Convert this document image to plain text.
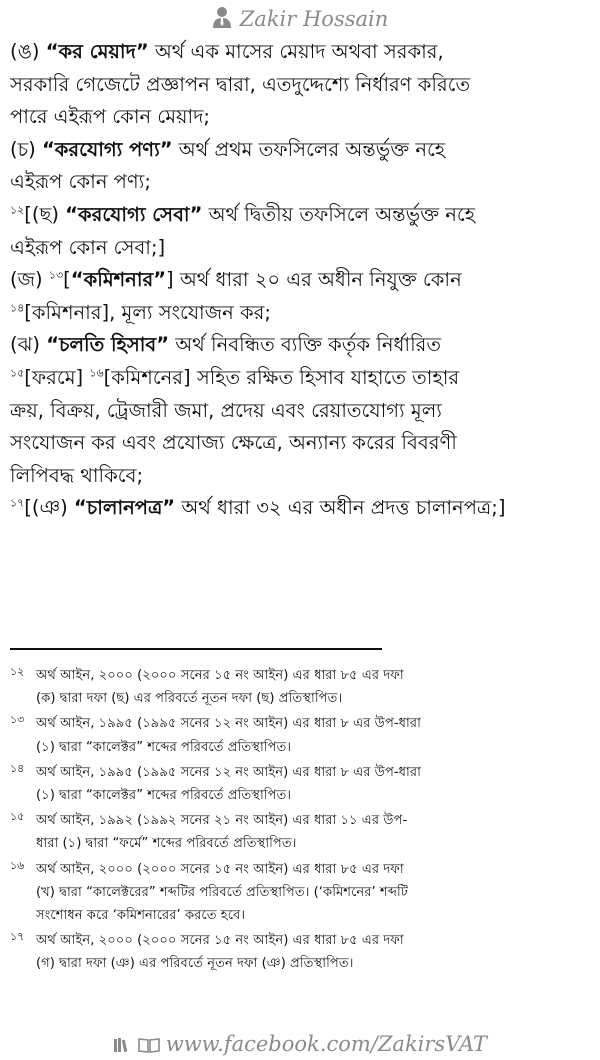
Zakir Hossain
(ঙ) “কর মেয়াদ” অর্থ এক মাসের মেয়াদ অথবা সরকার,
সরকারি গেজেটে প্রজ্ঞাপন দ্বারা, এতদুদ্দেশ্যে নির্ধারণ করিতে
পারে এইরূপ কোন মেয়াদ;
(চ) “করযোগ্য পণ্য” অর্থ প্রথম তফসিলের অন্তর্ভুক্ত নহে
এইরূপ কোন পণ্য;
$^{১২}$[(ছ) “করযোগ্য সেবা” অর্থ দ্বিতীয় তফসিলে অন্তর্ভুক্ত নহে
এইরূপ কোন সেবা;]
(জ) $^{১৩}$[“কমিশনার”] অর্থ ধারা ২০ এর অধীন নিযুক্ত কোন
$^{১৪}$[কমিশনার], মূল্য সংযোজন কর;
(ঝ) “চলতি হিসাব” অর্থ নিবন্ধিত ব্যক্তি কর্তৃক নির্ধারিত
$^{১৫}$[ফরমে] $^{১৬}$[কমিশনের] সহিত রক্ষিত হিসাব যাহাতে তাহার
ক্রয়, বিক্রয়, ট্রেজারী জমা, প্রদেয় এবং রেয়াতযোগ্য মূল্য
সংযোজন কর এবং প্রযোজ্য ক্ষেত্রে, অন্যান্য করের বিবরণী
লিপিবদ্ধ থাকিবে;
$^{১৭}$[(ঞ) “চালানপত্র” অর্থ ধারা ৩২ এর অধীন প্রদত্ত চালানপত্র;]
১২ অর্থ আইন, ২০০০ (২০০০ সনের ১৫ নং আইন) এর ধারা ৮৫ এর দফা
(ক) দ্বারা দফা (ছ) এর পরিবর্তে নূতন দফা (ছ) প্রতিস্থাপিত।
১৩ অর্থ আইন, ১৯৯৫ (১৯৯৫ সনের ১২ নং আইন) এর ধারা ৮ এর উপ-ধারা
(১) দ্বারা “কালেক্টর” শব্দের পরিবর্তে প্রতিস্থাপিত।
১৪ অর্থ আইন, ১৯৯৫ (১৯৯৫ সনের ১২ নং আইন) এর ধারা ৮ এর উপ-ধারা
(১) দ্বারা “কালেক্টর” শব্দের পরিবর্তে প্রতিস্থাপিত।
১৫ অর্থ আইন, ১৯৯২ (১৯৯২ সনের ২১ নং আইন) এর ধারা ১১ এর উপ-
ধারা (১) দ্বারা “ফর্মে” শব্দের পরিবর্তে প্রতিস্থাপিত।
১৬ অর্থ আইন, ২০০০ (২০০০ সনের ১৫ নং আইন) এর ধারা ৮৫ এর দফা
(খ) দ্বারা “কালেক্টরের” শব্দটির পরিবর্তে প্রতিস্থাপিত। (‘কমিশনের’ শব্দটি
সংশোধন করে ‘কমিশনারের’ করতে হবে।
১৭ অর্থ আইন, ২০০০ (২০০০ সনের ১৫ নং আইন) এর ধারা ৮৫ এর দফা
(গ) দ্বারা দফা (ঞ) এর পরিবর্তে নূতন দফা (ঞ) প্রতিস্থাপিত।
www.facebook.com/ZakirsVAT
